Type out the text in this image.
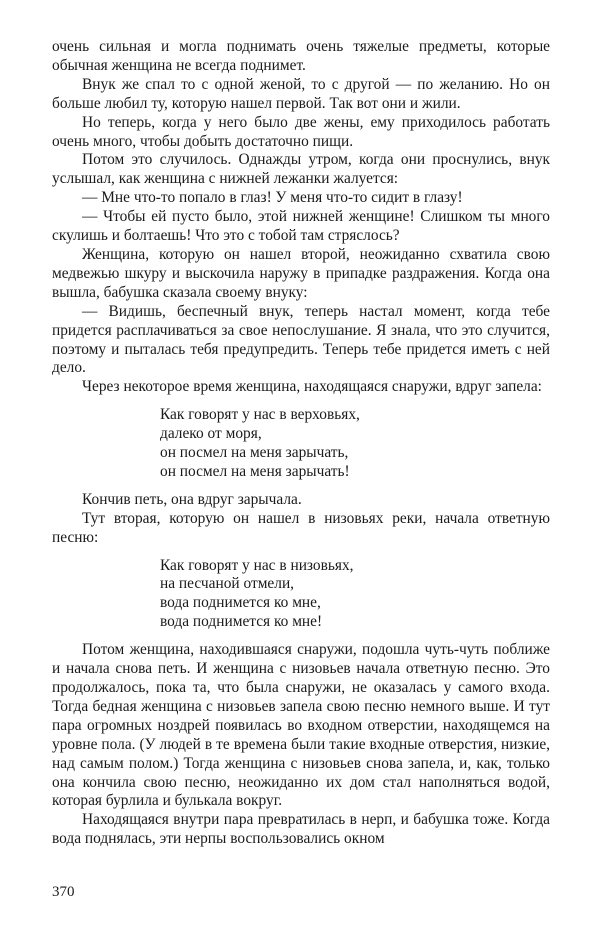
очень сильная и могла поднимать очень тяжелые предметы, которые обычная женщина не всегда поднимет.

Внук же спал то с одной женой, то с другой — по желанию. Но он больше любил ту, которую нашел первой. Так вот они и жили.

Но теперь, когда у него было две жены, ему приходилось работать очень много, чтобы добыть достаточно пищи.

Потом это случилось. Однажды утром, когда они проснулись, внук услышал, как женщина с нижней лежанки жалуется:

— Мне что-то попало в глаз! У меня что-то сидит в глазу!

— Чтобы ей пусто было, этой нижней женщине! Слишком ты много скулишь и болтаешь! Что это с тобой там стряслось?

Женщина, которую он нашел второй, неожиданно схватила свою медвежью шкуру и выскочила наружу в припадке раздражения. Когда она вышла, бабушка сказала своему внуку:

— Видишь, беспечный внук, теперь настал момент, когда тебе придется расплачиваться за свое непослушание. Я знала, что это случится, поэтому и пыталась тебя предупредить. Теперь тебе придется иметь с ней дело.

Через некоторое время женщина, находящаяся снаружи, вдруг запела:

Как говорят у нас в верховьях,
далеко от моря,
он посмел на меня зарычать,
он посмел на меня зарычать!

Кончив петь, она вдруг зарычала.

Тут вторая, которую он нашел в низовьях реки, начала ответную песню:

Как говорят у нас в низовьях,
на песчаной отмели,
вода поднимется ко мне,
вода поднимется ко мне!

Потом женщина, находившаяся снаружи, подошла чуть-чуть поближе и начала снова петь. И женщина с низовьев начала ответную песню. Это продолжалось, пока та, что была снаружи, не оказалась у самого входа. Тогда бедная женщина с низовьев запела свою песню немного выше. И тут пара огромных ноздрей появилась во входном отверстии, находящемся на уровне пола. (У людей в те времена были такие входные отверстия, низкие, над самым полом.) Тогда женщина с низовьев снова запела, и, как, только она кончила свою песню, неожиданно их дом стал наполняться водой, которая бурлила и булькала вокруг.

Находящаяся внутри пара превратилась в нерп, и бабушка тоже. Когда вода поднялась, эти нерпы воспользовались окном

370
